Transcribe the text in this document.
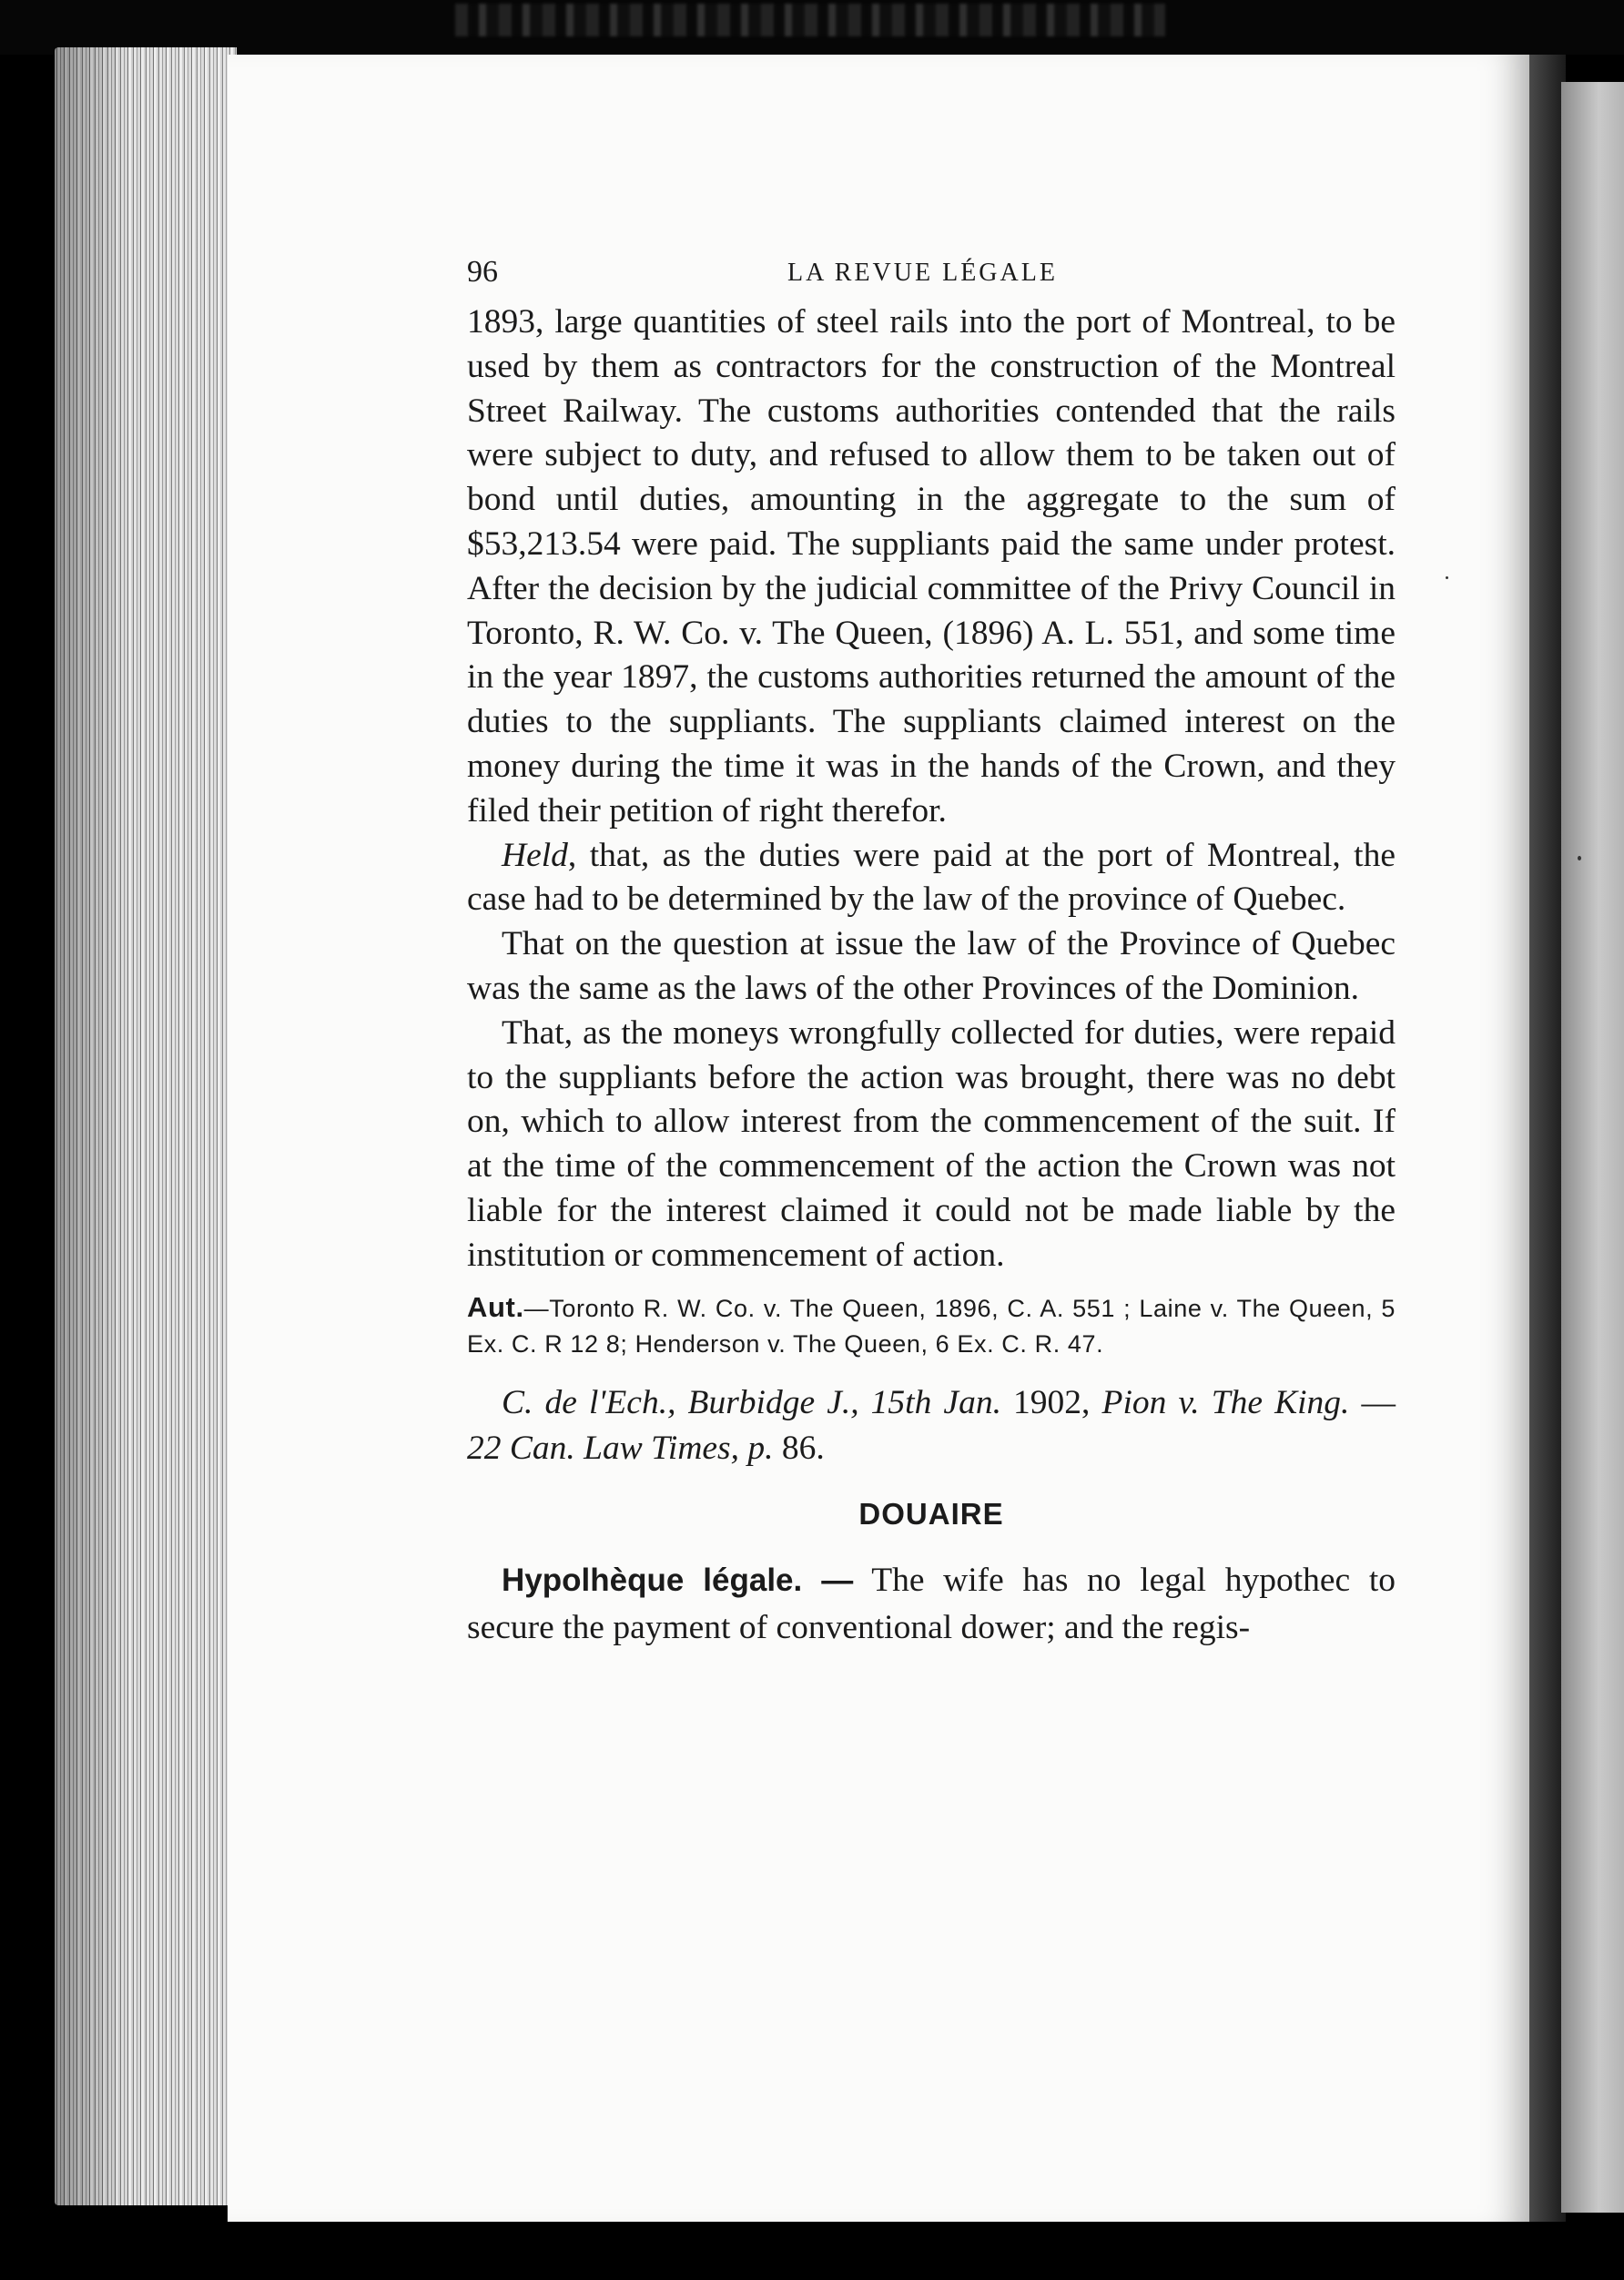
96	LA REVUE LÉGALE

1893, large quantities of steel rails into the port of Montreal, to be used by them as contractors for the construction of the Montreal Street Railway. The customs authorities contended that the rails were subject to duty, and refused to allow them to be taken out of bond until duties, amounting in the aggregate to the sum of $53,213.54 were paid. The suppliants paid the same under protest. After the decision by the judicial committee of the Privy Council in Toronto, R. W. Co. v. The Queen, (1896) A. L. 551, and some time in the year 1897, the customs authorities returned the amount of the duties to the suppliants. The suppliants claimed interest on the money during the time it was in the hands of the Crown, and they filed their petition of right therefor.

Held, that, as the duties were paid at the port of Montreal, the case had to be determined by the law of the province of Quebec.

That on the question at issue the law of the Province of Quebec was the same as the laws of the other Provinces of the Dominion.

That, as the moneys wrongfully collected for duties, were repaid to the suppliants before the action was brought, there was no debt on, which to allow interest from the commencement of the suit. If at the time of the commencement of the action the Crown was not liable for the interest claimed it could not be made liable by the institution or commencement of action.

Aut.—Toronto R. W. Co. v. The Queen, 1896, C. A. 551 ; Laine v. The Queen, 5 Ex. C. R 12 8; Henderson v. The Queen, 6 Ex. C. R. 47.
C. de l'Ech., Burbidge J., 15th Jan. 1902, Pion v. The King. — 22 Can. Law Times, p. 86.
DOUAIRE

Hypolhèque légale. — The wife has no legal hypothec to secure the payment of conventional dower; and the regis-
